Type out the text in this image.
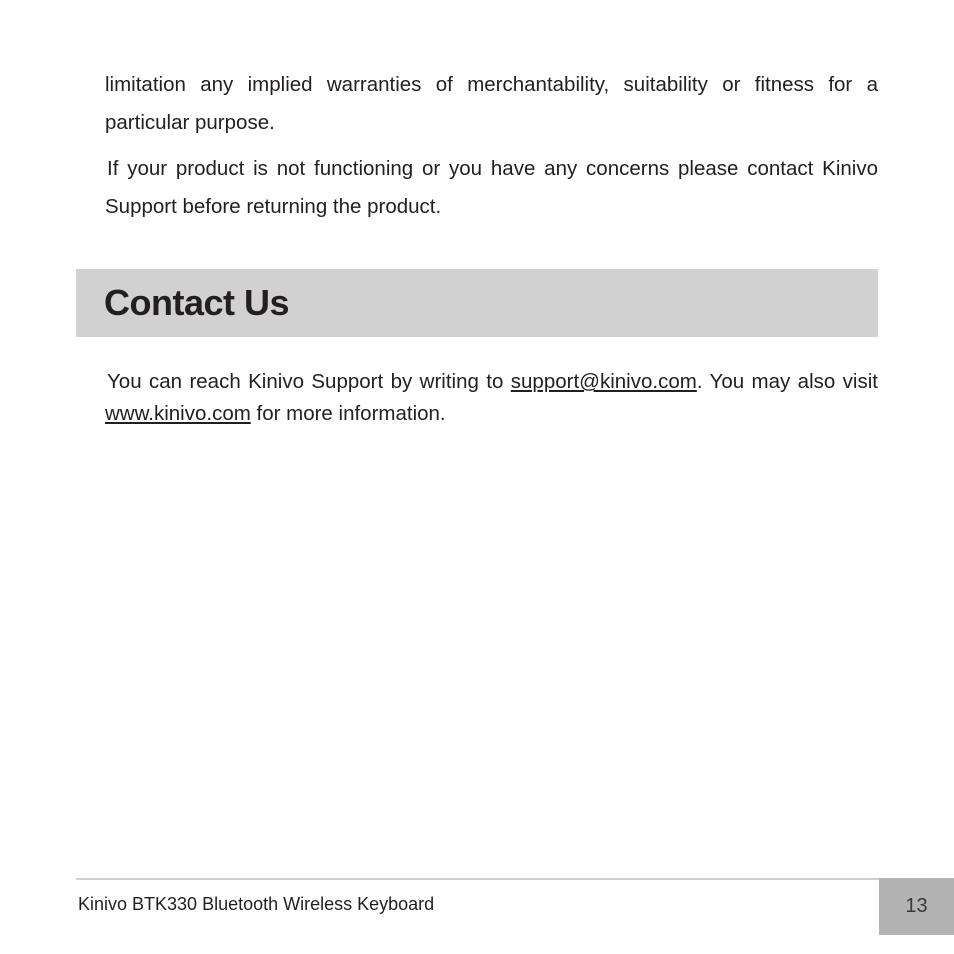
limitation any implied warranties of merchantability, suitability or fitness for a particular purpose.

If your product is not functioning or you have any concerns please contact Kinivo Support before returning the product.

Contact Us

You can reach Kinivo Support by writing to support@kinivo.com. You may also visit www.kinivo.com for more information.

Kinivo BTK330 Bluetooth Wireless Keyboard	13
